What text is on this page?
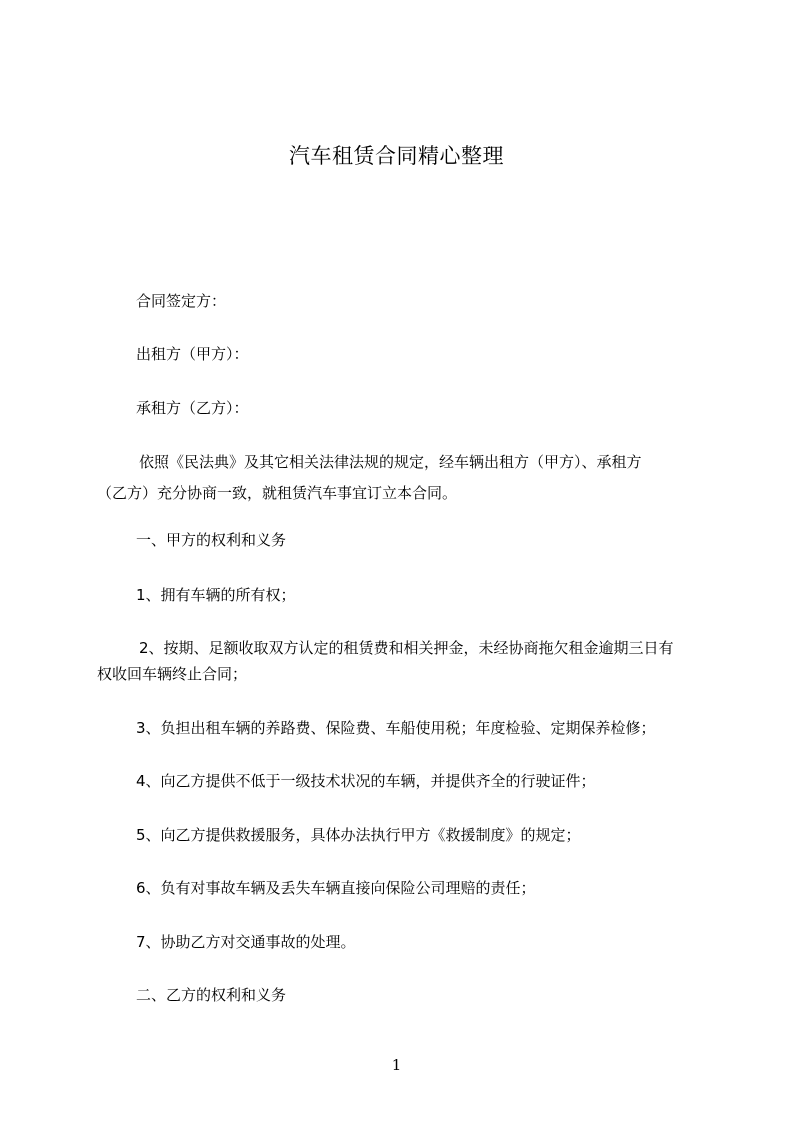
汽车租赁合同精心整理
合同签定方：
出租方（甲方）：
承租方（乙方）：
依照《民法典》及其它相关法律法规的规定，经车辆出租方（甲方）、承租方
（乙方）充分协商一致，就租赁汽车事宜订立本合同。
一、甲方的权利和义务
1、拥有车辆的所有权；
2、按期、足额收取双方认定的租赁费和相关押金，未经协商拖欠租金逾期三日有
权收回车辆终止合同；
3、负担出租车辆的养路费、保险费、车船使用税；年度检验、定期保养检修；
4、向乙方提供不低于一级技术状况的车辆，并提供齐全的行驶证件；
5、向乙方提供救援服务，具体办法执行甲方《救援制度》的规定；
6、负有对事故车辆及丢失车辆直接向保险公司理赔的责任；
7、协助乙方对交通事故的处理。
二、乙方的权利和义务
1
